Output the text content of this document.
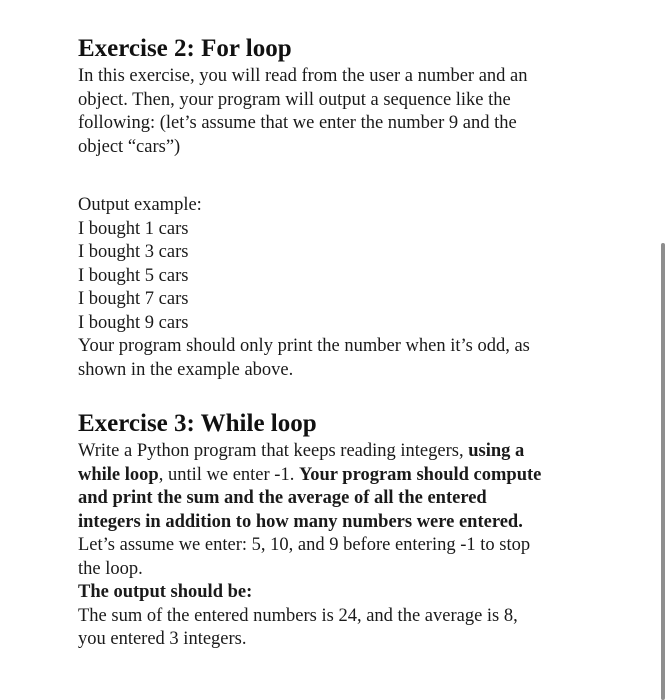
Exercise 2: For loop
In this exercise, you will read from the user a number and an
object. Then, your program will output a sequence like the
following: (let’s assume that we enter the number 9 and the
object “cars”)
Output example:
I bought 1 cars
I bought 3 cars
I bought 5 cars
I bought 7 cars
I bought 9 cars
Your program should only print the number when it’s odd, as
shown in the example above.
Exercise 3: While loop
Write a Python program that keeps reading integers, using a
while loop, until we enter -1. Your program should compute
and print the sum and the average of all the entered
integers in addition to how many numbers were entered.
Let’s assume we enter: 5, 10, and 9 before entering -1 to stop
the loop.
The output should be:
The sum of the entered numbers is 24, and the average is 8,
you entered 3 integers.
